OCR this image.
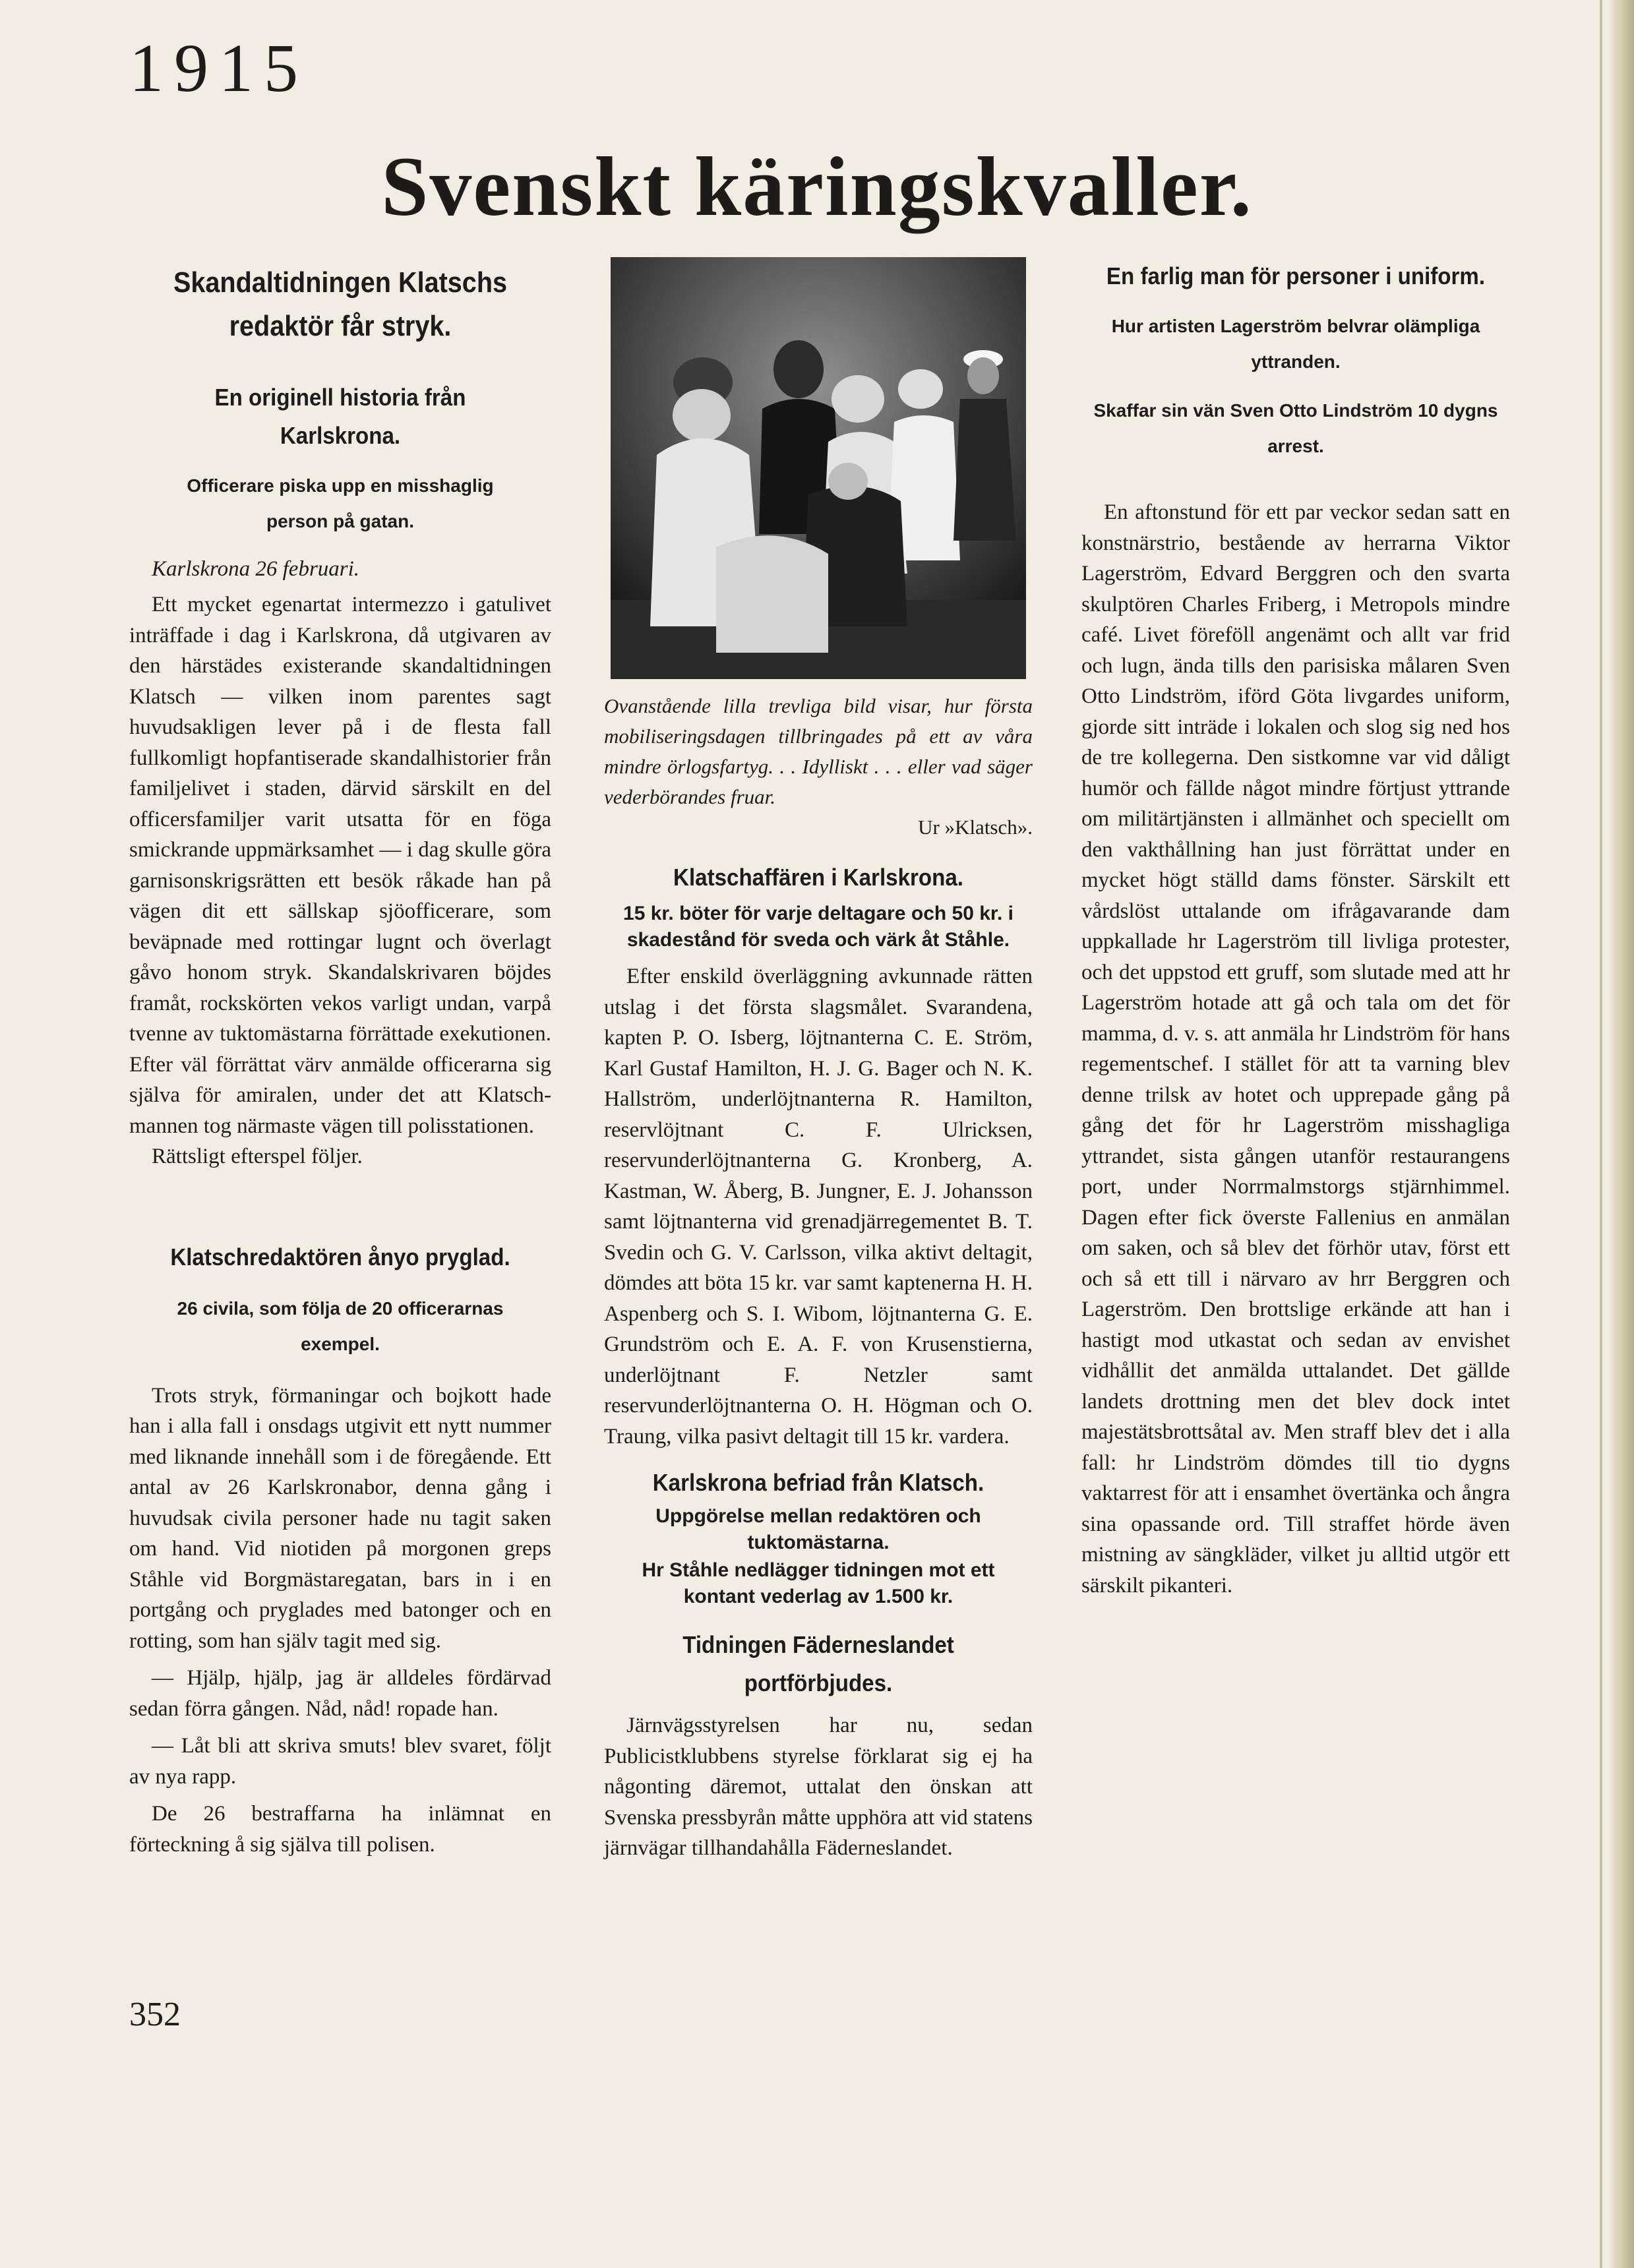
1915
Svenskt käringskvaller.

Skandaltidningen Klatschs redaktör får stryk.

En originell historia från Karlskrona.

Officerare piska upp en misshaglig person på gatan.

Karlskrona 26 februari.

Ett mycket egenartat intermezzo i gatulivet inträffade i dag i Karlskrona, då utgivaren av den härstädes existerande skandaltidningen Klatsch — vilken inom parentes sagt huvudsakligen lever på i de flesta fall fullkomligt hopfantiserade skandalhistorier från familjelivet i staden, därvid särskilt en del officersfamiljer varit utsatta för en föga smickrande uppmärksamhet — i dag skulle göra garnisonskrigsrätten ett besök råkade han på vägen dit ett sällskap sjöofficerare, som beväpnade med rottingar lugnt och överlagt gåvo honom stryk. Skandalskrivaren böjdes framåt, rockskörten vekos varligt undan, varpå tvenne av tuktomästarna förrättade exekutionen. Efter väl förrättat värv anmälde officerarna sig själva för amiralen, under det att Klatsch-mannen tog närmaste vägen till polisstationen.

Rättsligt efterspel följer.

Klatschredaktören ånyo pryglad.

26 civila, som följa de 20 officerarnas exempel.

Trots stryk, förmaningar och bojkott hade han i alla fall i onsdags utgivit ett nytt nummer med liknande innehåll som i de föregående. Ett antal av 26 Karlskronabor, denna gång i huvudsak civila personer hade nu tagit saken om hand. Vid niotiden på morgonen greps Ståhle vid Borgmästaregatan, bars in i en portgång och pryglades med batonger och en rotting, som han själv tagit med sig.

— Hjälp, hjälp, jag är alldeles fördärvad sedan förra gången. Nåd, nåd! ropade han.

— Låt bli att skriva smuts! blev svaret, följt av nya rapp.

De 26 bestraffarna ha inlämnat en förteckning å sig själva till polisen.

Ovanstående lilla trevliga bild visar, hur första mobiliseringsdagen tillbringades på ett av våra mindre örlogsfartyg. . . Idylliskt . . . eller vad säger vederbörandes fruar.

Ur »Klatsch».

Klatschaffären i Karlskrona.

15 kr. böter för varje deltagare och 50 kr. i skadestånd för sveda och värk åt Ståhle.

Efter enskild överläggning avkunnade rätten utslag i det första slagsmålet. Svarandena, kapten P. O. Isberg, löjtnanterna C. E. Ström, Karl Gustaf Hamilton, H. J. G. Bager och N. K. Hallström, underlöjtnanterna R. Hamilton, reservlöjtnant C. F. Ulricksen, reservunderlöjtnanterna G. Kronberg, A. Kastman, W. Åberg, B. Jungner, E. J. Johansson samt löjtnanterna vid grenadjärregementet B. T. Svedin och G. V. Carlsson, vilka aktivt deltagit, dömdes att böta 15 kr. var samt kaptenerna H. H. Aspenberg och S. I. Wibom, löjtnanterna G. E. Grundström och E. A. F. von Krusenstierna, underlöjtnant F. Netzler samt reservunderlöjtnanterna O. H. Högman och O. Traung, vilka pasivt deltagit till 15 kr. vardera.

Karlskrona befriad från Klatsch.

Uppgörelse mellan redaktören och tuktomästarna.

Hr Ståhle nedlägger tidningen mot ett kontant vederlag av 1.500 kr.

Tidningen Fäderneslandet portförbjudes.

Järnvägsstyrelsen har nu, sedan Publicistklubbens styrelse förklarat sig ej ha någonting däremot, uttalat den önskan att Svenska pressbyrån måtte upphöra att vid statens järnvägar tillhandahålla Fäderneslandet.

En farlig man för personer i uniform.

Hur artisten Lagerström belvrar olämpliga yttranden.

Skaffar sin vän Sven Otto Lindström 10 dygns arrest.

En aftonstund för ett par veckor sedan satt en konstnärstrio, bestående av herrarna Viktor Lagerström, Edvard Berggren och den svarta skulptören Charles Friberg, i Metropols mindre café. Livet föreföll angenämt och allt var frid och lugn, ända tills den parisiska målaren Sven Otto Lindström, iförd Göta livgardes uniform, gjorde sitt inträde i lokalen och slog sig ned hos de tre kollegerna. Den sistkomne var vid dåligt humör och fällde något mindre förtjust yttrande om militärtjänsten i allmänhet och speciellt om den vakthållning han just förrättat under en mycket högt ställd dams fönster. Särskilt ett vårdslöst uttalande om ifrågavarande dam uppkallade hr Lagerström till livliga protester, och det uppstod ett gruff, som slutade med att hr Lagerström hotade att gå och tala om det för mamma, d. v. s. att anmäla hr Lindström för hans regementschef. I stället för att ta varning blev denne trilsk av hotet och upprepade gång på gång det för hr Lagerström misshagliga yttrandet, sista gången utanför restaurangens port, under Norrmalmstorgs stjärnhimmel. Dagen efter fick överste Fallenius en anmälan om saken, och så blev det förhör utav, först ett och så ett till i närvaro av hrr Berggren och Lagerström. Den brottslige erkände att han i hastigt mod utkastat och sedan av envishet vidhållit det anmälda uttalandet. Det gällde landets drottning men det blev dock intet majestätsbrottsåtal av. Men straff blev det i alla fall: hr Lindström dömdes till tio dygns vaktarrest för att i ensamhet övertänka och ångra sina opassande ord. Till straffet hörde även mistning av sängkläder, vilket ju alltid utgör ett särskilt pikanteri.

352
